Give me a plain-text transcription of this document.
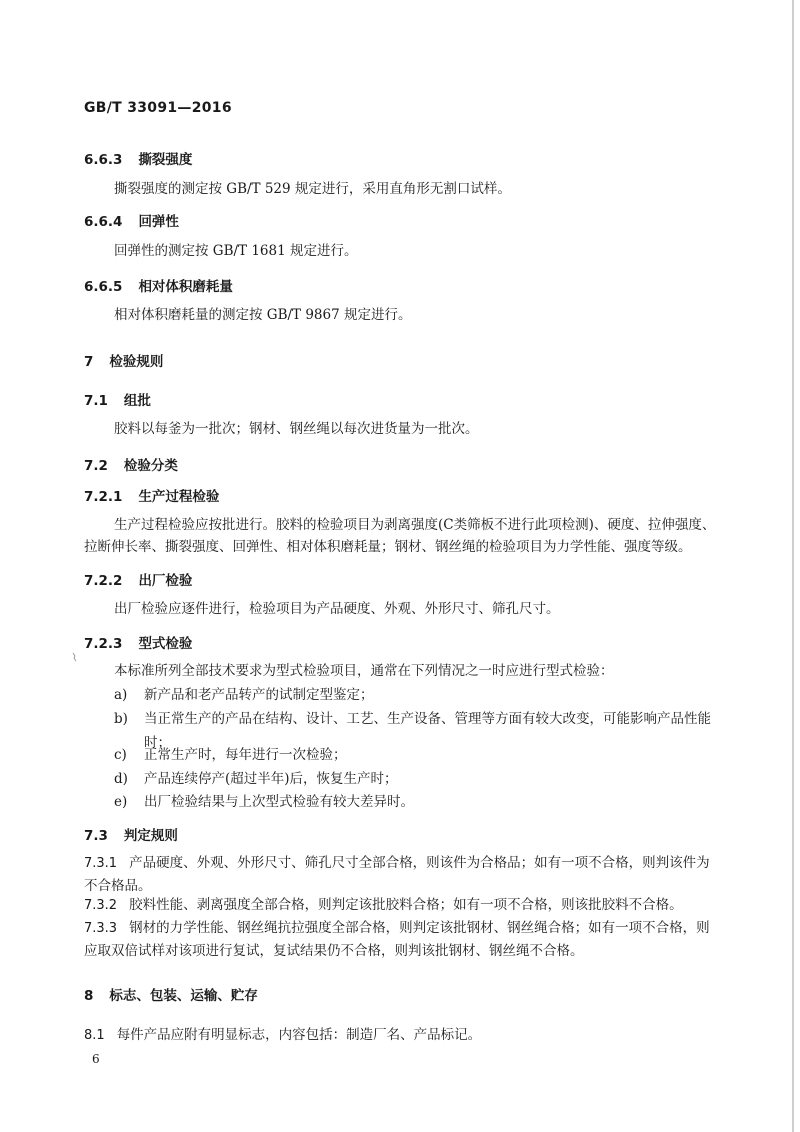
GB/T 33091—2016
6.6.3 撕裂强度
撕裂强度的测定按 GB/T 529 规定进行，采用直角形无割口试样。
6.6.4 回弹性
回弹性的测定按 GB/T 1681 规定进行。
6.6.5 相对体积磨耗量
相对体积磨耗量的测定按 GB/T 9867 规定进行。
7 检验规则
7.1 组批
胶料以每釜为一批次；钢材、钢丝绳以每次进货量为一批次。
7.2 检验分类
7.2.1 生产过程检验
生产过程检验应按批进行。胶料的检验项目为剥离强度(C类筛板不进行此项检测)、硬度、拉伸强度、拉断伸长率、撕裂强度、回弹性、相对体积磨耗量；钢材、钢丝绳的检验项目为力学性能、强度等级。
7.2.2 出厂检验
出厂检验应逐件进行，检验项目为产品硬度、外观、外形尺寸、筛孔尺寸。
7.2.3 型式检验
本标准所列全部技术要求为型式检验项目，通常在下列情况之一时应进行型式检验：
a)	新产品和老产品转产的试制定型鉴定；
b)	当正常生产的产品在结构、设计、工艺、生产设备、管理等方面有较大改变，可能影响产品性能时；
c)	正常生产时，每年进行一次检验；
d)	产品连续停产(超过半年)后，恢复生产时；
e)	出厂检验结果与上次型式检验有较大差异时。
7.3 判定规则
7.3.1 产品硬度、外观、外形尺寸、筛孔尺寸全部合格，则该件为合格品；如有一项不合格，则判该件为不合格品。
7.3.2 胶料性能、剥离强度全部合格，则判定该批胶料合格；如有一项不合格，则该批胶料不合格。
7.3.3 钢材的力学性能、钢丝绳抗拉强度全部合格，则判定该批钢材、钢丝绳合格；如有一项不合格，则应取双倍试样对该项进行复试，复试结果仍不合格，则判该批钢材、钢丝绳不合格。
8 标志、包装、运输、贮存
8.1 每件产品应附有明显标志，内容包括：制造厂名、产品标记。
6
